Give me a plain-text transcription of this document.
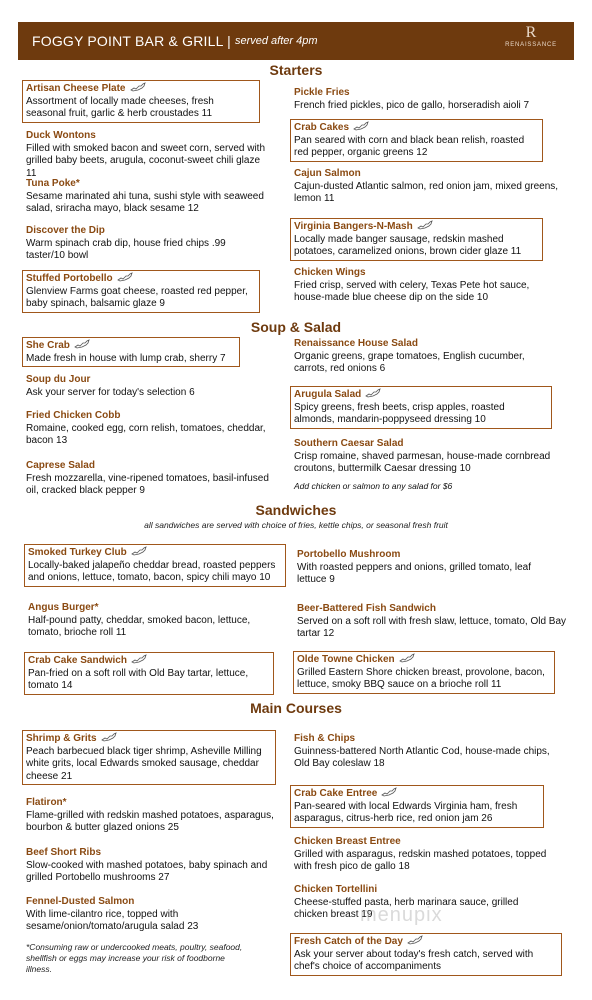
FOGGY POINT BAR & GRILL | served after 4pm	R
RENAISSANCE
Starters
Artisan Cheese Plate
Assortment of locally made cheeses, fresh seasonal fruit, garlic & herb croustades 11
Duck Wontons
Filled with smoked bacon and sweet corn, served with grilled baby beets, arugula, coconut-sweet chili glaze 11
Tuna Poke*
Sesame marinated ahi tuna, sushi style with seaweed salad, sriracha mayo, black sesame 12
Discover the Dip
Warm spinach crab dip, house fried chips .99 taster/10 bowl
Stuffed Portobello
Glenview Farms goat cheese, roasted red pepper, baby spinach, balsamic glaze 9
Pickle Fries
French fried pickles, pico de gallo, horseradish aioli 7
Crab Cakes
Pan seared with corn and black bean relish, roasted red pepper, organic greens 12
Cajun Salmon
Cajun-dusted Atlantic salmon, red onion jam, mixed greens, lemon 11
Virginia Bangers-N-Mash
Locally made banger sausage, redskin mashed potatoes, caramelized onions, brown cider glaze 11
Chicken Wings
Fried crisp, served with celery, Texas Pete hot sauce, house-made blue cheese dip on the side 10
Soup & Salad
She Crab
Made fresh in house with lump crab, sherry 7
Soup du Jour
Ask your server for today's selection 6
Fried Chicken Cobb
Romaine, cooked egg, corn relish, tomatoes, cheddar, bacon 13
Caprese Salad
Fresh mozzarella, vine-ripened tomatoes, basil-infused oil, cracked black pepper 9
Renaissance House Salad
Organic greens, grape tomatoes, English cucumber, carrots, red onions 6
Arugula Salad
Spicy greens, fresh beets, crisp apples, roasted almonds, mandarin-poppyseed dressing 10
Southern Caesar Salad
Crisp romaine, shaved parmesan, house-made cornbread croutons, buttermilk Caesar dressing 10
Add chicken or salmon to any salad for $6
Sandwiches
all sandwiches are served with choice of fries, kettle chips, or seasonal fresh fruit
Smoked Turkey Club
Locally-baked jalapeño cheddar bread, roasted peppers and onions, lettuce, tomato, bacon, spicy chili mayo 10
Angus Burger*
Half-pound patty, cheddar, smoked bacon, lettuce, tomato, brioche roll 11
Crab Cake Sandwich
Pan-fried on a soft roll with Old Bay tartar, lettuce, tomato 14
Portobello Mushroom
With roasted peppers and onions, grilled tomato, leaf lettuce 9
Beer-Battered Fish Sandwich
Served on a soft roll with fresh slaw, lettuce, tomato, Old Bay tartar 12
Olde Towne Chicken
Grilled Eastern Shore chicken breast, provolone, bacon, lettuce, smoky BBQ sauce on a brioche roll 11
Main Courses
Shrimp & Grits
Peach barbecued black tiger shrimp, Asheville Milling white grits, local Edwards smoked sausage, cheddar cheese 21
Flatiron*
Flame-grilled with redskin mashed potatoes, asparagus, bourbon & butter glazed onions 25
Beef Short Ribs
Slow-cooked with mashed potatoes, baby spinach and grilled Portobello mushrooms 27
Fennel-Dusted Salmon
With lime-cilantro rice, topped with sesame/onion/tomato/arugula salad 23
Fish & Chips
Guinness-battered North Atlantic Cod, house-made chips, Old Bay coleslaw 18
Crab Cake Entree
Pan-seared with local Edwards Virginia ham, fresh asparagus, citrus-herb rice, red onion jam 26
Chicken Breast Entree
Grilled with asparagus, redskin mashed potatoes, topped with fresh pico de gallo 18
Chicken Tortellini
Cheese-stuffed pasta, herb marinara sauce, grilled chicken breast 19
Fresh Catch of the Day
Ask your server about today's fresh catch, served with chef's choice of accompaniments
*Consuming raw or undercooked meats, poultry, seafood, shellfish or eggs may increase your risk of foodborne illness.
menupix
